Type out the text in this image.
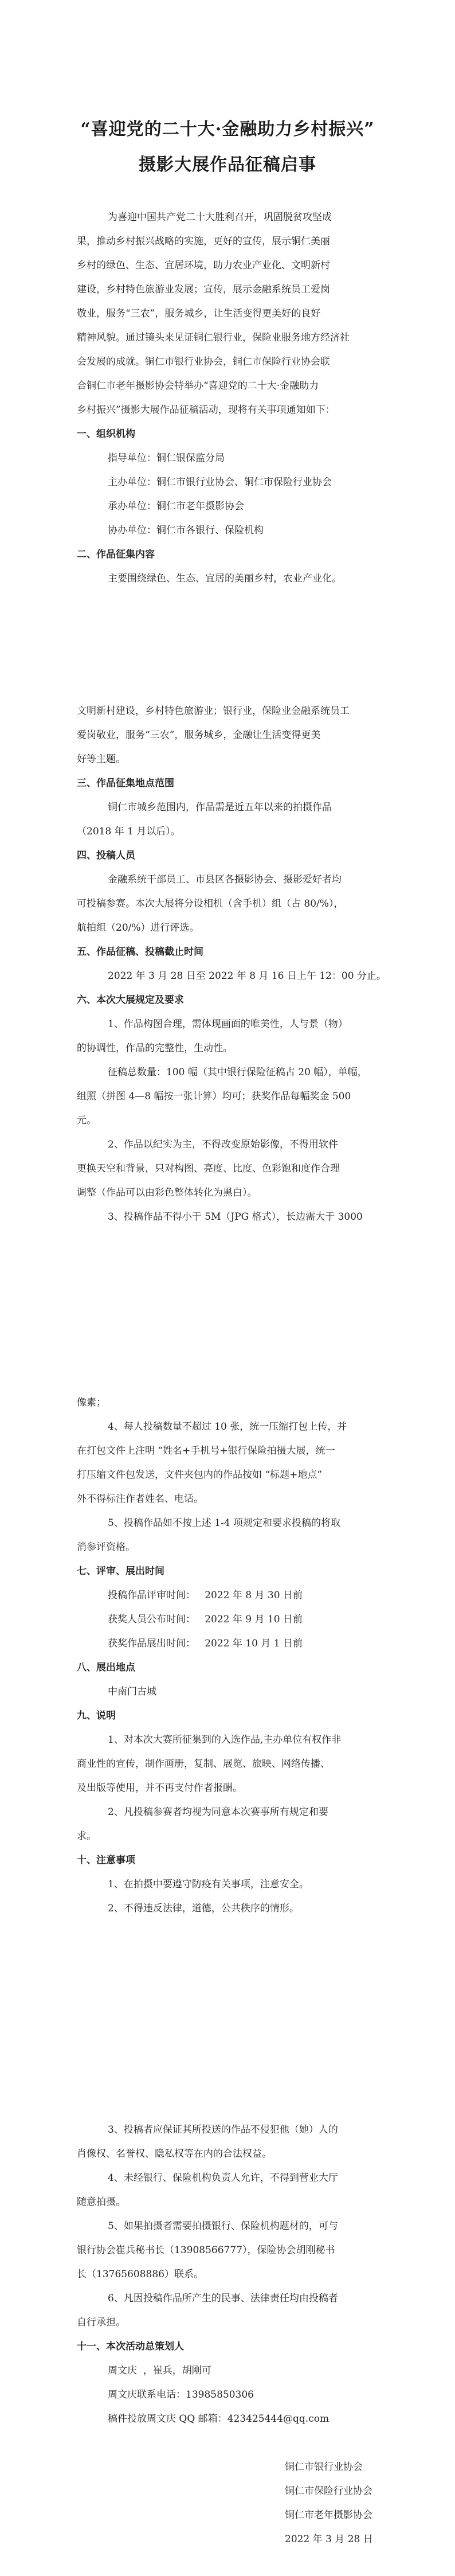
“喜迎党的二十大·金融助力乡村振兴”
摄影大展作品征稿启事
为喜迎中国共产党二十大胜利召开，巩固脱贫攻坚成
果，推动乡村振兴战略的实施，更好的宣传，展示铜仁美丽
乡村的绿色、生态、宜居环境，助力农业产业化、文明新村
建设，乡村特色旅游业发展；宣传，展示金融系统员工爱岗
敬业，服务“三农”，服务城乡，让生活变得更美好的良好
精神风貌。通过镜头来见证铜仁银行业，保险业服务地方经济社
会发展的成就。铜仁市银行业协会，铜仁市保险行业协会联
合铜仁市老年摄影协会特举办“喜迎党的二十大·金融助力
乡村振兴”摄影大展作品征稿活动，现将有关事项通知如下：
一、组织机构
指导单位：铜仁银保监分局
主办单位：铜仁市银行业协会、铜仁市保险行业协会
承办单位：铜仁市老年摄影协会
协办单位：铜仁市各银行、保险机构
二、作品征集内容
主要围绕绿色、生态、宜居的美丽乡村，农业产业化。
文明新村建设，乡村特色旅游业；银行业，保险业金融系统员工
爱岗敬业，服务“三农”，服务城乡，金融让生活变得更美
好等主题。
三、作品征集地点范围
铜仁市城乡范围内，作品需是近五年以来的拍摄作品
（2018 年 1 月以后）。
四、投稿人员
金融系统干部员工、市县区各摄影协会、摄影爱好者均
可投稿参赛。本次大展将分设相机（含手机）组（占 80/%），
航拍组（20/%）进行评选。
五、作品征稿、投稿截止时间
2022 年 3 月 28 日至 2022 年 8 月 16 日上午 12：00 分止。
六、本次大展规定及要求
1、作品构图合理，需体现画面的唯美性，人与景（物）
的协调性，作品的完整性，生动性。
征稿总数量：100 幅（其中银行保险征稿占 20 幅），单幅，
组照（拼图 4—8 幅按一张计算）均可；获奖作品每幅奖金 500
元。
2、作品以纪实为主，不得改变原始影像，不得用软件
更换天空和背景，只对构图、亮度、比度、色彩饱和度作合理
调整（作品可以由彩色整体转化为黑白）。
3、投稿作品不得小于 5M（JPG 格式），长边需大于 3000
像素；
4、每人投稿数量不超过 10 张，统一压缩打包上传，并
在打包文件上注明 “姓名+手机号+银行保险拍摄大展，统一
打压缩文件包发送，文件夹包内的作品按如 “标题+地点”
外不得标注作者姓名、电话。
5、投稿作品如不按上述 1-4 项规定和要求投稿的将取
消参评资格。
七、评审、展出时间
投稿作品评审时间：   2022 年 8 月 30 日前
获奖人员公布时间：   2022 年 9 月 10 日前
获奖作品展出时间：   2022 年 10 月 1 日前
八、展出地点
中南门古城
九、说明
1、对本次大赛所征集到的入选作品,主办单位有权作非
商业性的宣传，制作画册，复制、展览、旅映、网络传播、
及出版等使用，并不再支付作者报酬。
2、凡投稿参赛者均视为同意本次赛事所有规定和要
求。
十、注意事项
1、在拍摄中要遵守防疫有关事项，注意安全。
2、不得违反法律，道德，公共秩序的情形。
3、投稿者应保证其所投送的作品不侵犯他（她）人的
肖像权、名誉权、隐私权等在内的合法权益。
4、未经银行、保险机构负责人允许，不得到营业大厅
随意拍摄。
5、如果拍摄者需要拍摄银行、保险机构题材的，可与
银行协会崔兵秘书长（13908566777），保险协会胡刚秘书
长（13765608886）联系。
6、凡因投稿作品所产生的民事、法律责任均由投稿者
自行承担。
十一、本次活动总策划人
周文庆  ，崔兵，胡刚可
周文庆联系电话：13985850306
稿件投放周文庆 QQ 邮箱：423425444@qq.com
铜仁市银行业协会
铜仁市保险行业协会
铜仁市老年摄影协会
2022 年 3 月 28 日
